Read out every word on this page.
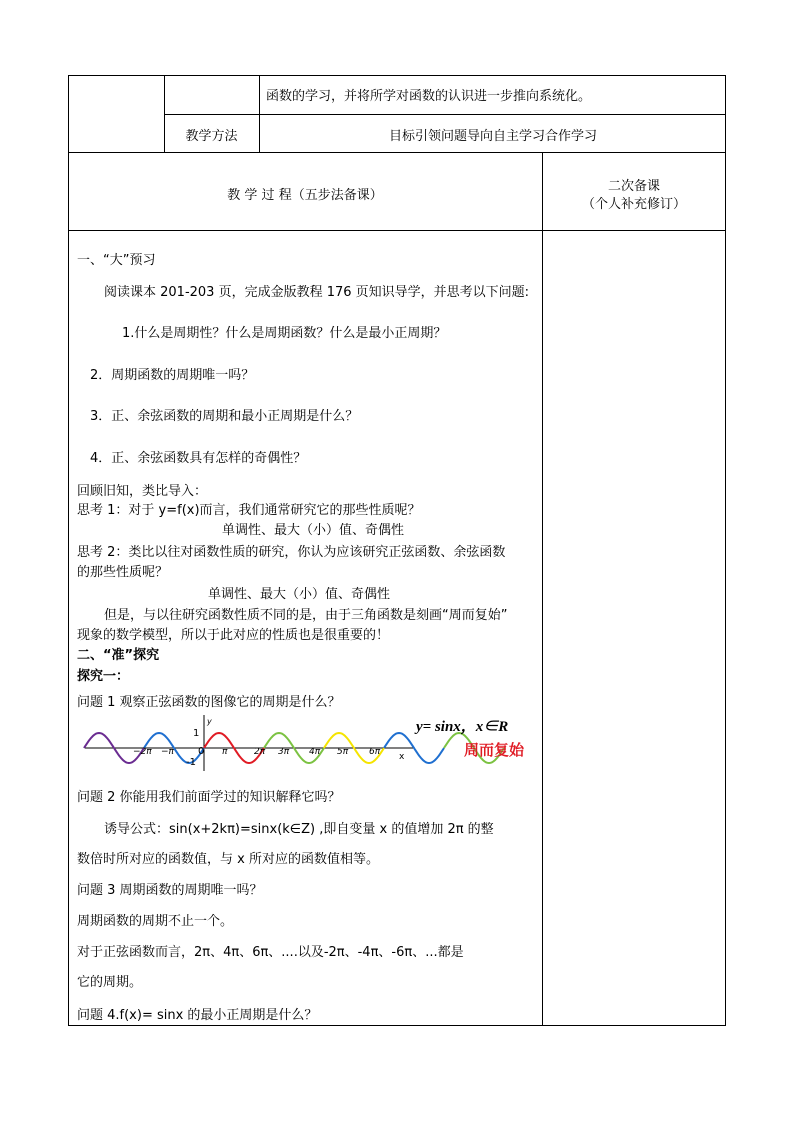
函数的学习，并将所学对函数的认识进一步推向系统化。
教学方法	目标引领问题导向自主学习合作学习
教 学 过 程（五步法备课）
二次备课
（个人补充修订）
一、“大”预习
阅读课本 201-203 页，完成金版教程 176 页知识导学，并思考以下问题:
1.什么是周期性？什么是周期函数？什么是最小正周期？
2．周期函数的周期唯一吗？
3．正、余弦函数的周期和最小正周期是什么？
4．正、余弦函数具有怎样的奇偶性？
回顾旧知，类比导入：
思考 1：对于 y=f(x)而言，我们通常研究它的那些性质呢？
单调性、最大（小）值、奇偶性
思考 2：类比以往对函数性质的研究，你认为应该研究正弦函数、余弦函数
的那些性质呢？
单调性、最大（小）值、奇偶性
但是，与以往研究函数性质不同的是，由于三角函数是刻画“周而复始”
现象的数学模型，所以于此对应的性质也是很重要的！
二、“准”探究
探究一：
问题 1 观察正弦函数的图像它的周期是什么？
y
x
1
-1
0
−2π −π	π	2π 3π 4π 5π 6π
y= sinx，x∈R
周而复始
问题 2 你能用我们前面学过的知识解释它吗？
诱导公式：sin(x+2kπ)=sinx(k∈Z) ,即自变量 x 的值增加 2π 的整
数倍时所对应的函数值，与 x 所对应的函数值相等。
问题 3 周期函数的周期唯一吗？
周期函数的周期不止一个。
对于正弦函数而言，2π、4π、6π、....以及-2π、-4π、-6π、...都是
它的周期。
问题 4.f(x)= sinx 的最小正周期是什么？
